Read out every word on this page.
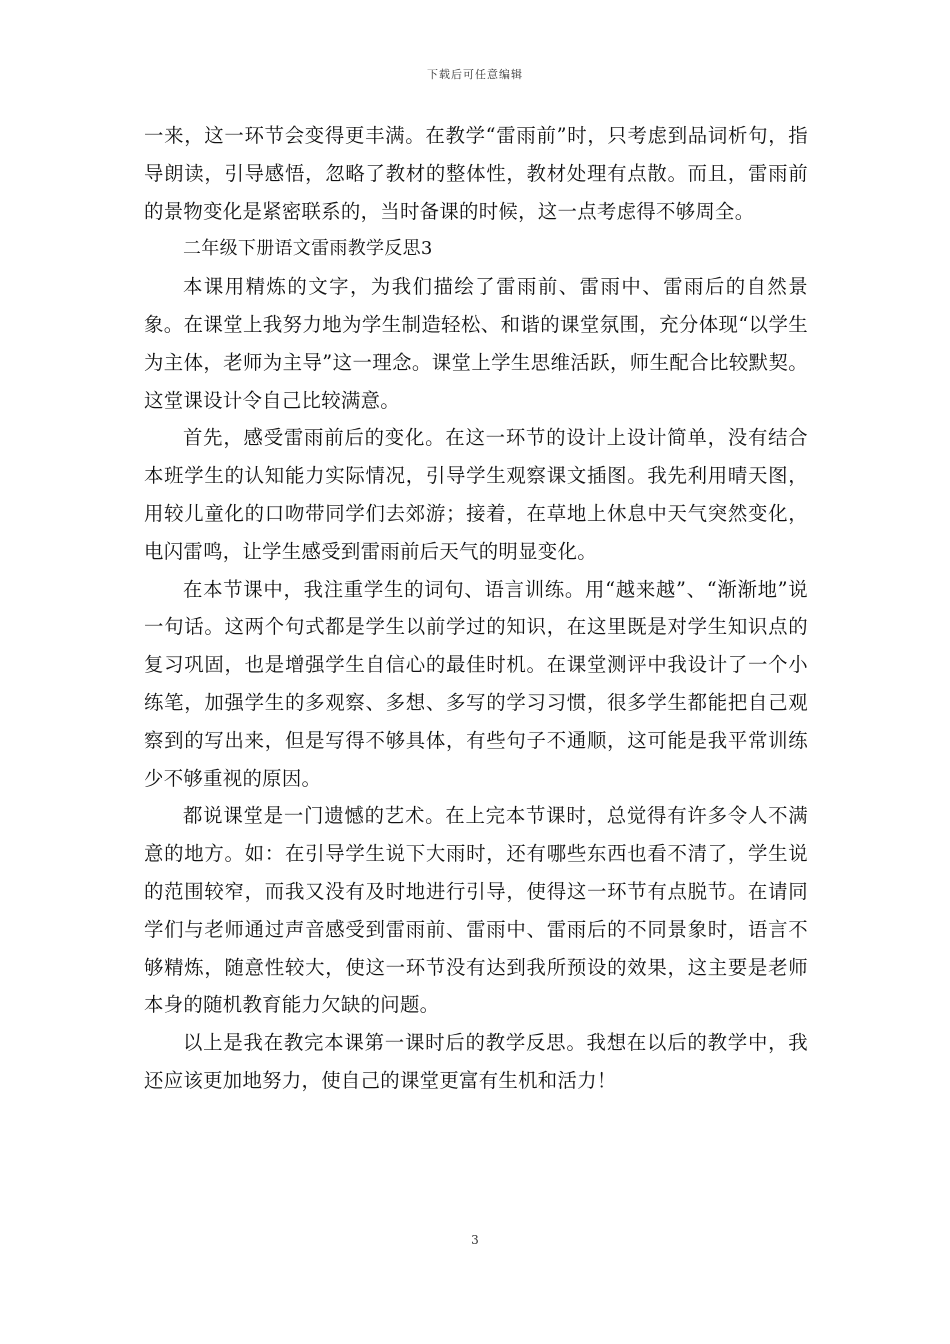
下载后可任意编辑

一来，这一环节会变得更丰满。在教学“雷雨前”时，只考虑到品词析句，指导朗读，引导感悟，忽略了教材的整体性，教材处理有点散。而且，雷雨前的景物变化是紧密联系的，当时备课的时候，这一点考虑得不够周全。

二年级下册语文雷雨教学反思3

本课用精炼的文字，为我们描绘了雷雨前、雷雨中、雷雨后的自然景象。在课堂上我努力地为学生制造轻松、和谐的课堂氛围，充分体现“以学生为主体，老师为主导”这一理念。课堂上学生思维活跃，师生配合比较默契。这堂课设计令自己比较满意。

首先，感受雷雨前后的变化。在这一环节的设计上设计简单，没有结合本班学生的认知能力实际情况，引导学生观察课文插图。我先利用晴天图，用较儿童化的口吻带同学们去郊游；接着，在草地上休息中天气突然变化，电闪雷鸣，让学生感受到雷雨前后天气的明显变化。

在本节课中，我注重学生的词句、语言训练。用“越来越”、“渐渐地”说一句话。这两个句式都是学生以前学过的知识，在这里既是对学生知识点的复习巩固，也是增强学生自信心的最佳时机。在课堂测评中我设计了一个小练笔，加强学生的多观察、多想、多写的学习习惯，很多学生都能把自己观察到的写出来，但是写得不够具体，有些句子不通顺，这可能是我平常训练少不够重视的原因。

都说课堂是一门遗憾的艺术。在上完本节课时，总觉得有许多令人不满意的地方。如：在引导学生说下大雨时，还有哪些东西也看不清了，学生说的范围较窄，而我又没有及时地进行引导，使得这一环节有点脱节。在请同学们与老师通过声音感受到雷雨前、雷雨中、雷雨后的不同景象时，语言不够精炼，随意性较大，使这一环节没有达到我所预设的效果，这主要是老师本身的随机教育能力欠缺的问题。

以上是我在教完本课第一课时后的教学反思。我想在以后的教学中，我还应该更加地努力，使自己的课堂更富有生机和活力！

3
